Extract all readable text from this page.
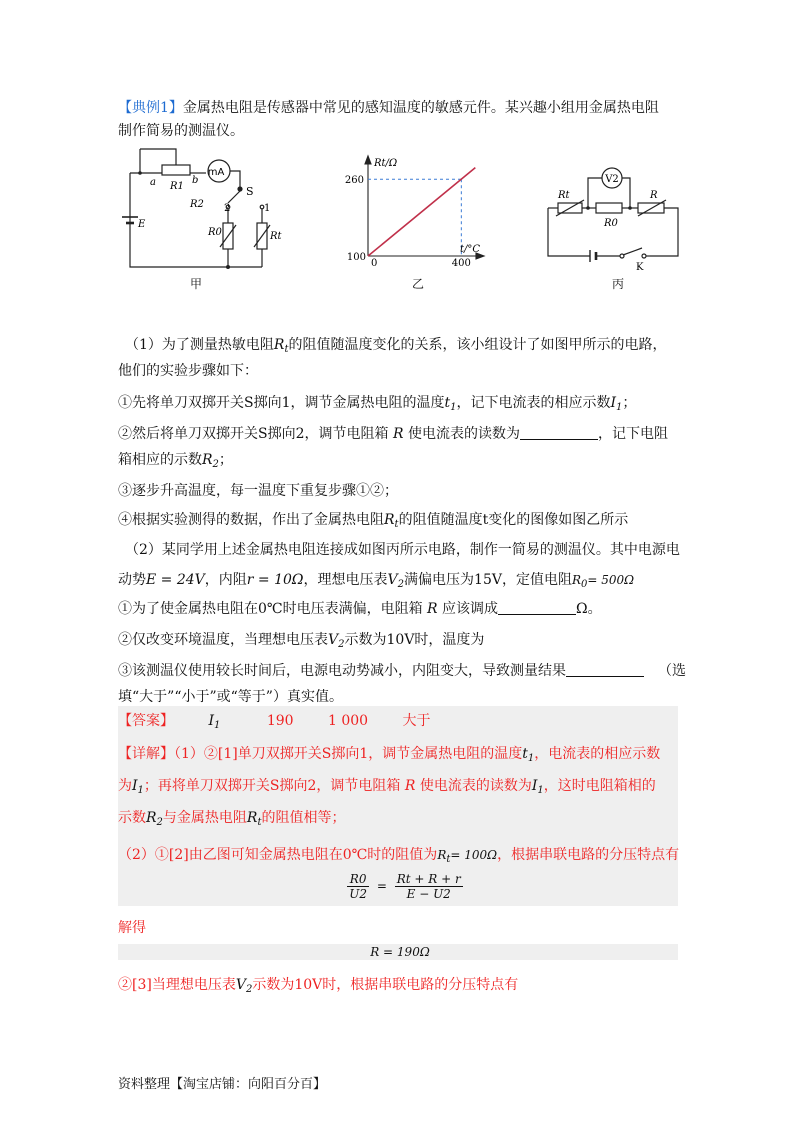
【典例1】金属热电阻是传感器中常见的感知温度的敏感元件。某兴趣小组用金属热电阻
制作简易的测温仪。
mA
a	b
R1
R2
S
E
2	1
R0	Rt
甲
Rt/Ω
t/°C
260
100
0	400
乙
V2
Rt	R
R0
K
丙
（1）为了测量热敏电阻$R_t$的阻值随温度变化的关系，该小组设计了如图甲所示的电路，
他们的实验步骤如下：
①先将单刀双掷开关S掷向1，调节金属热电阻的温度$t_1$，记下电流表的相应示数$I_1$；
②然后将单刀双掷开关S掷向2，调节电阻箱 R 使电流表的读数为	，记下电阻
箱相应的示数$R_2$；
③逐步升高温度，每一温度下重复步骤①②；
④根据实验测得的数据，作出了金属热电阻$R_t$的阻值随温度t变化的图像如图乙所示
（2）某同学用上述金属热电阻连接成如图丙所示电路，制作一简易的测温仪。其中电源电
动势E = 24V，内阻r = 10Ω，理想电压表$V_2$满偏电压为15V，定值电阻$R_0= 500\Omega$
①为了使金属热电阻在0℃时电压表满偏，电阻箱 R 应该调成	Ω。
②仅改变环境温度，当理想电压表$V_2$示数为10V时，温度为
③该测温仪使用较长时间后，电源电动势减小，内阻变大，导致测量结果	（选
填“大于”“小于”或“等于”）真实值。
【答案】 $I_1$	190 1 000 大于
【详解】（1）②[1]单刀双掷开关S掷向1，调节金属热电阻的温度$t_1$，电流表的相应示数
为$I_1$；再将单刀双掷开关S掷向2，调节电阻箱 R 使电流表的读数为$I_1$，这时电阻箱相的
示数$R_2$与金属热电阻$R_t$的阻值相等；
（2）①[2]由乙图可知金属热电阻在0℃时的阻值为$R_t= 100\Omega$，根据串联电路的分压特点有
$\frac{R0}{U2} = \frac{Rt + R + r}{E - U2}$
解得
R = 190Ω
②[3]当理想电压表$V_2$示数为10V时，根据串联电路的分压特点有
资料整理【淘宝店铺：向阳百分百】
